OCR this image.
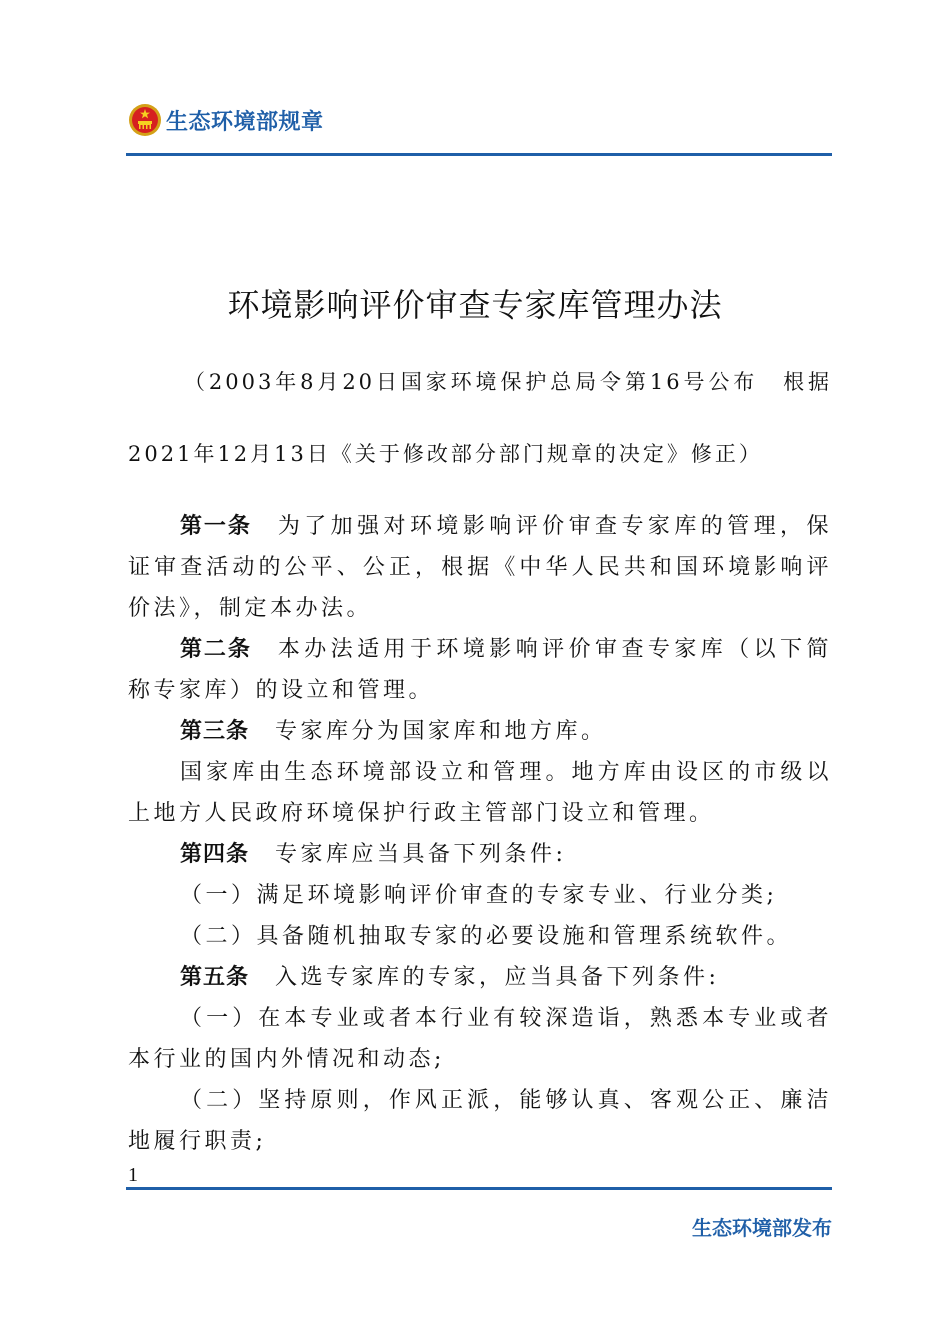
生态环境部规章
环境影响评价审查专家库管理办法
（2003年8月20日国家环境保护总局令第16号公布　根据2021年12月13日《关于修改部分部门规章的决定》修正）

第一条 为了加强对环境影响评价审查专家库的管理，保证审查活动的公平、公正，根据《中华人民共和国环境影响评价法》，制定本办法。

第二条 本办法适用于环境影响评价审查专家库（以下简称专家库）的设立和管理。

第三条 专家库分为国家库和地方库。

国家库由生态环境部设立和管理。地方库由设区的市级以上地方人民政府环境保护行政主管部门设立和管理。

第四条 专家库应当具备下列条件:

（一）满足环境影响评价审查的专家专业、行业分类;

（二）具备随机抽取专家的必要设施和管理系统软件。

第五条 入选专家库的专家，应当具备下列条件:

（一）在本专业或者本行业有较深造诣，熟悉本专业或者本行业的国内外情况和动态;

（二）坚持原则，作风正派，能够认真、客观公正、廉洁地履行职责;

1
生态环境部发布
